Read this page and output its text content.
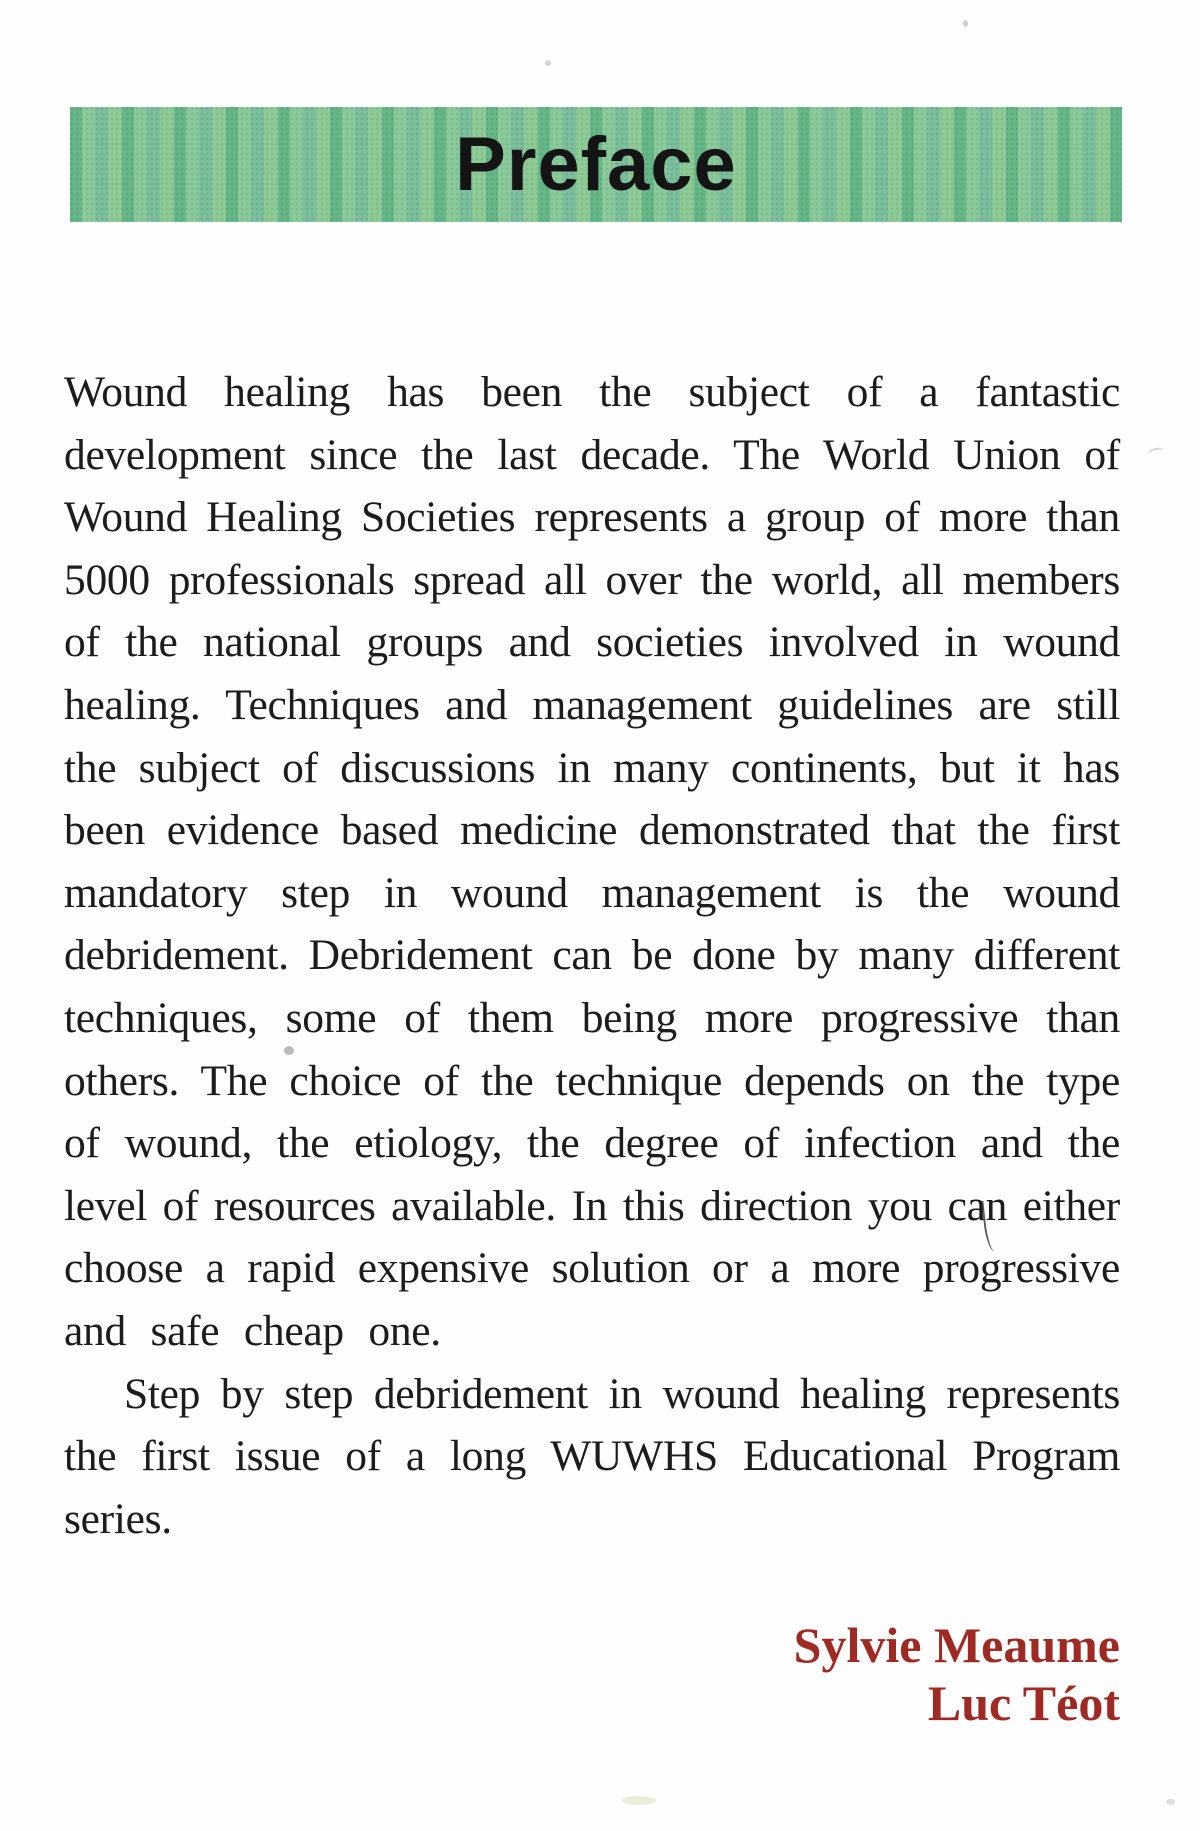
Preface
Wound healing has been the subject of a fantastic
development since the last decade. The World Union of
Wound Healing Societies represents a group of more than
5000 professionals spread all over the world, all members
of the national groups and societies involved in wound
healing. Techniques and management guidelines are still
the subject of discussions in many continents, but it has
been evidence based medicine demonstrated that the first
mandatory step in wound management is the wound
debridement. Debridement can be done by many different
techniques, some of them being more progressive than
others. The choice of the technique depends on the type
of wound, the etiology, the degree of infection and the
level of resources available. In this direction you can either
choose a rapid expensive solution or a more progressive
and safe cheap one.
Step by step debridement in wound healing represents
the first issue of a long WUWHS Educational Program
series.
Sylvie Meaume
Luc Téot
